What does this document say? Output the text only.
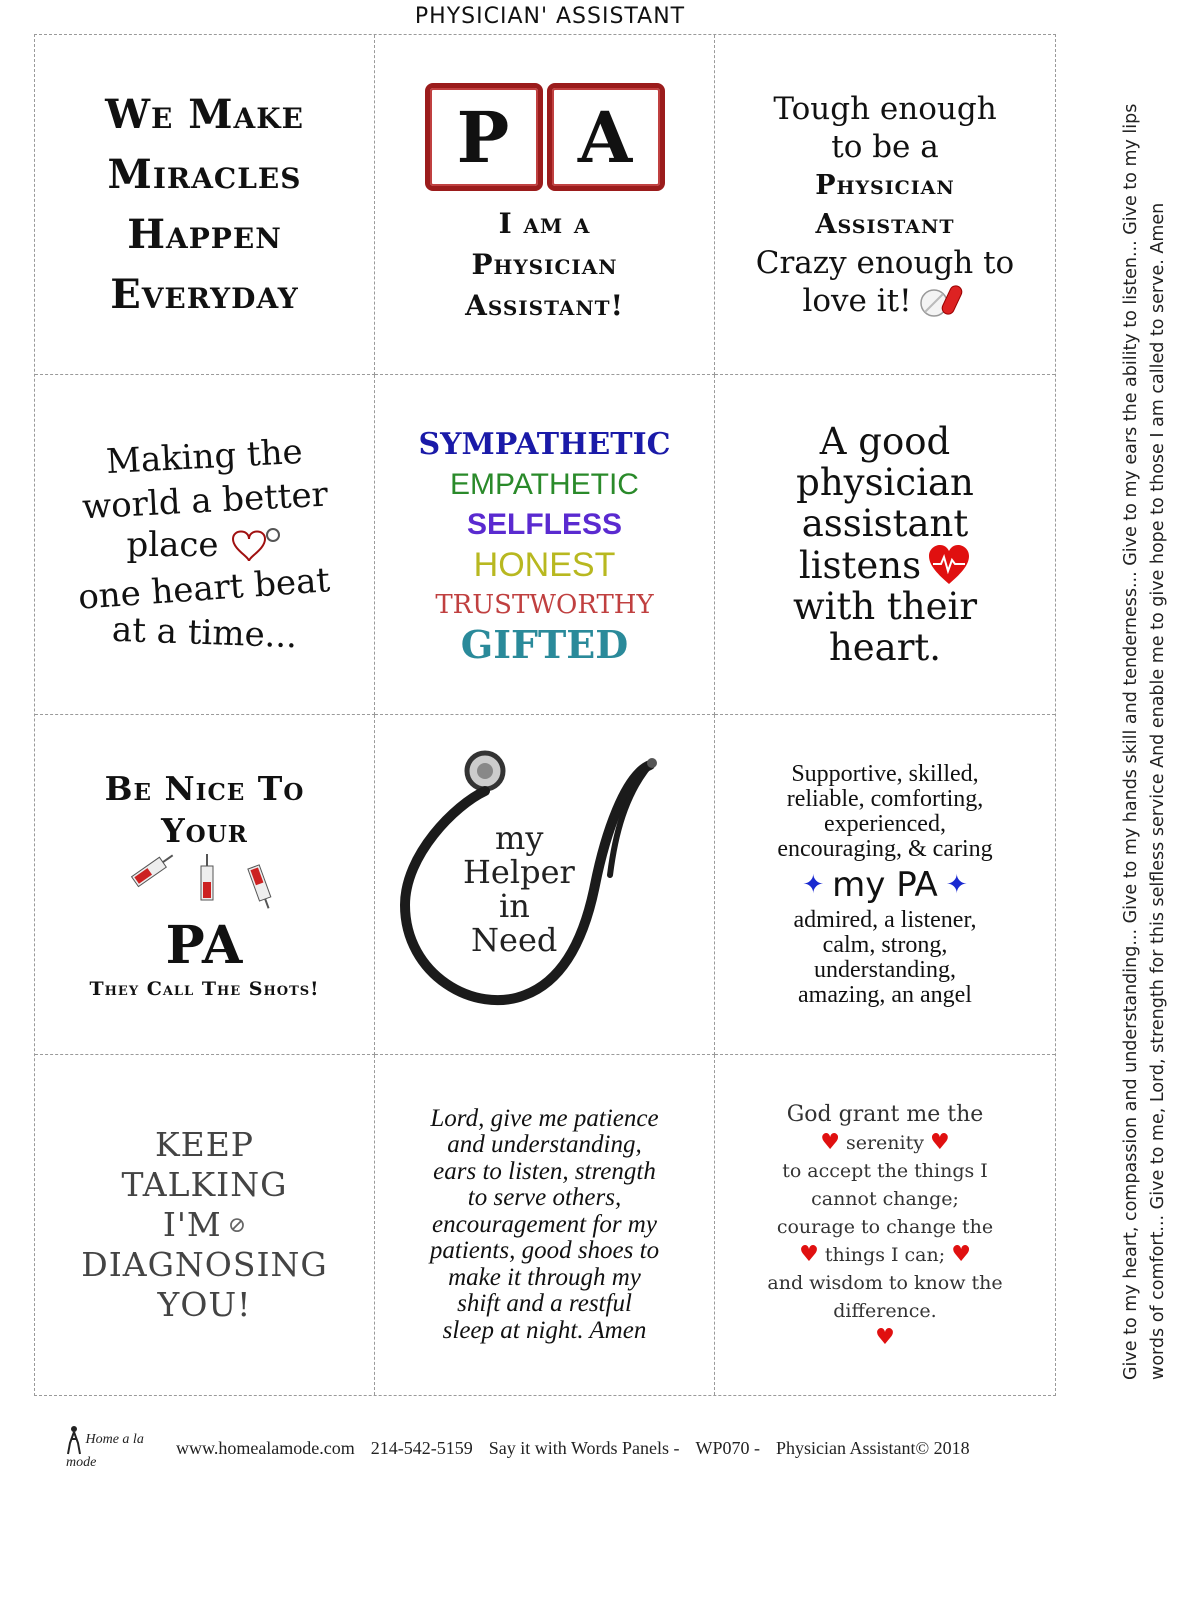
PHYSICIAN' ASSISTANT
We Make
Miracles
Happen
Everyday
P A
I am a
Physician
Assistant!
Tough enough
to be a
Physician
Assistant
Crazy enough to
love it!
Making the
world a better
place
one heart beat
at a time...
SYMPATHETIC
EMPATHETIC
SELFLESS
HONEST
TRUSTWORTHY
GIFTED
A good
physician
assistant
listens
with their
heart.
Be Nice To
Your
PA
They Call The Shots!
my
Helper
in
Need
Supportive, skilled,
reliable, comforting,
experienced,
encouraging, & caring
✦ my PA ✦
admired, a listener,
calm, strong,
understanding,
amazing, an angel
KEEP
TALKING
I'M ⊘
DIAGNOSING
YOU!
Lord, give me patience
and understanding,
ears to listen, strength
to serve others,
encouragement for my
patients, good shoes to
make it through my
shift and a restful
sleep at night. Amen
God grant me the
♥ serenity ♥
to accept the things I
cannot change;
courage to change the
♥ things I can; ♥
and wisdom to know the
difference.
♥	Give to my heart, compassion and understanding... Give to my hands skill and tenderness... Give to my ears the ability to listen... Give to my lips words of comfort... Give to me, Lord, strength for this selfless service And enable me to give hope to those I am called to serve. Amen
Home a la mode
www.homealamode.com 214-542-5159 Say it with Words Panels - WP070 - Physician Assistant© 2018
